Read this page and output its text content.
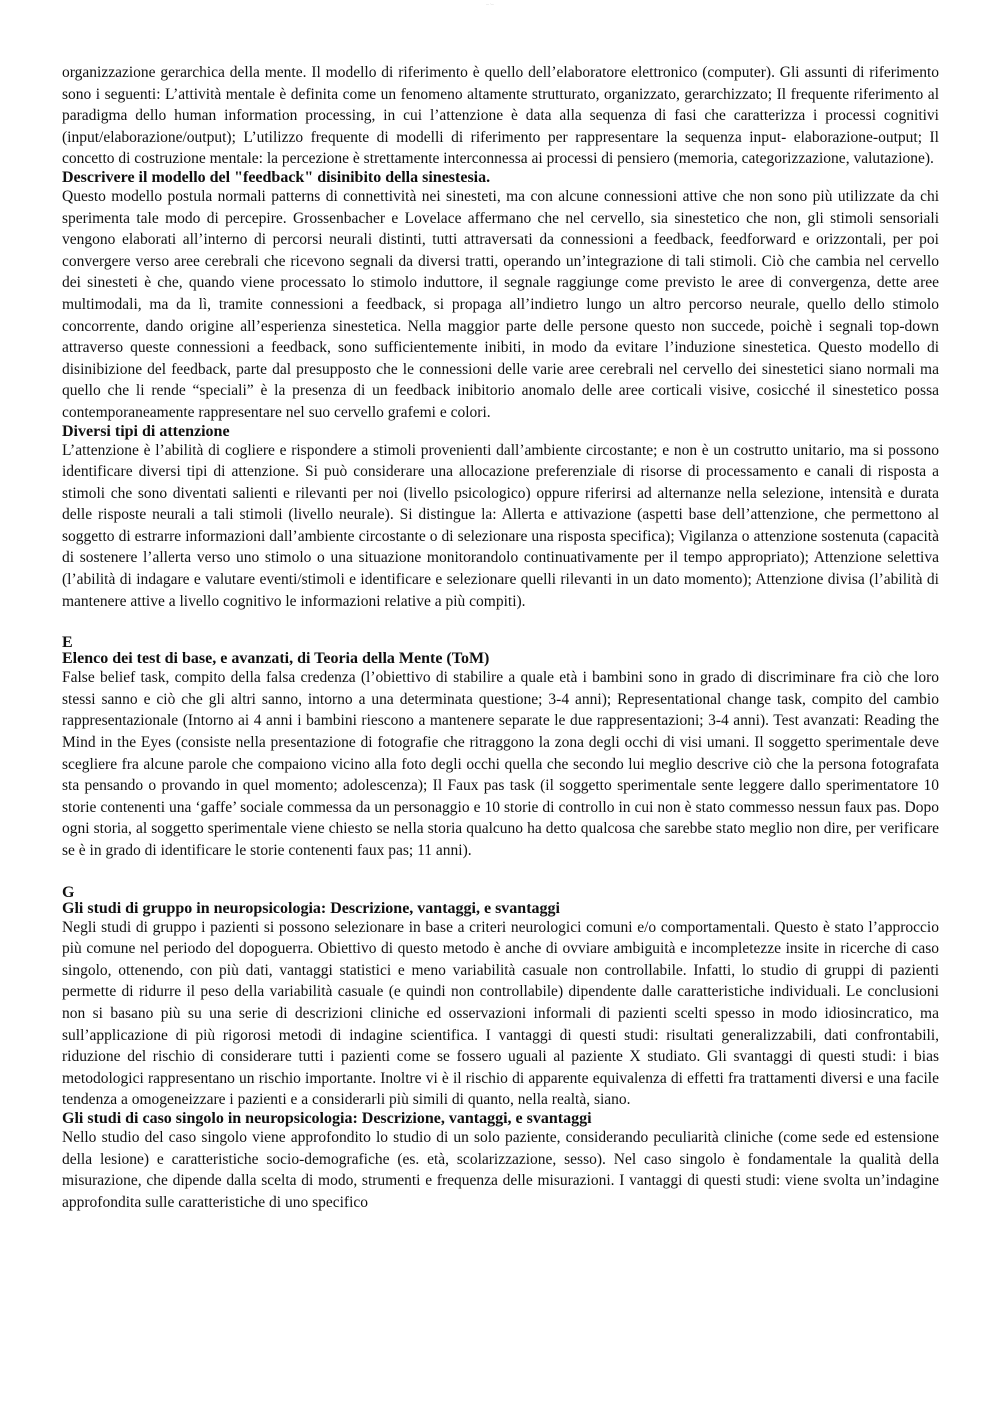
— ·—

organizzazione gerarchica della mente. Il modello di riferimento è quello dell’elaboratore elettronico (computer). Gli assunti di riferimento sono i seguenti: L’attività mentale è definita come un fenomeno altamente strutturato, organizzato, gerarchizzato; Il frequente riferimento al paradigma dello human information processing, in cui l’attenzione è data alla sequenza di fasi che caratterizza i processi cognitivi (input/elaborazione/output); L’utilizzo frequente di modelli di riferimento per rappresentare la sequenza input- elaborazione-output; Il concetto di costruzione mentale: la percezione è strettamente interconnessa ai processi di pensiero (memoria, categorizzazione, valutazione).

Descrivere il modello del "feedback" disinibito della sinestesia.

Questo modello postula normali patterns di connettività nei sinesteti, ma con alcune connessioni attive che non sono più utilizzate da chi sperimenta tale modo di percepire. Grossenbacher e Lovelace affermano che nel cervello, sia sinestetico che non, gli stimoli sensoriali vengono elaborati all’interno di percorsi neurali distinti, tutti attraversati da connessioni a feedback, feedforward e orizzontali, per poi convergere verso aree cerebrali che ricevono segnali da diversi tratti, operando un’integrazione di tali stimoli. Ciò che cambia nel cervello dei sinesteti è che, quando viene processato lo stimolo induttore, il segnale raggiunge come previsto le aree di convergenza, dette aree multimodali, ma da lì, tramite connessioni a feedback, si propaga all’indietro lungo un altro percorso neurale, quello dello stimolo concorrente, dando origine all’esperienza sinestetica. Nella maggior parte delle persone questo non succede, poichè i segnali top-down attraverso queste connessioni a feedback, sono sufficientemente inibiti, in modo da evitare l’induzione sinestetica. Questo modello di disinibizione del feedback, parte dal presupposto che le connessioni delle varie aree cerebrali nel cervello dei sinestetici siano normali ma quello che li rende “speciali” è la presenza di un feedback inibitorio anomalo delle aree corticali visive, cosicché il sinestetico possa contemporaneamente rappresentare nel suo cervello grafemi e colori.

Diversi tipi di attenzione

L’attenzione è l’abilità di cogliere e rispondere a stimoli provenienti dall’ambiente circostante; e non è un costrutto unitario, ma si possono identificare diversi tipi di attenzione. Si può considerare una allocazione preferenziale di risorse di processamento e canali di risposta a stimoli che sono diventati salienti e rilevanti per noi (livello psicologico) oppure riferirsi ad alternanze nella selezione, intensità e durata delle risposte neurali a tali stimoli (livello neurale). Si distingue la: Allerta e attivazione (aspetti base dell’attenzione, che permettono al soggetto di estrarre informazioni dall’ambiente circostante o di selezionare una risposta specifica); Vigilanza o attenzione sostenuta (capacità di sostenere l’allerta verso uno stimolo o una situazione monitorandolo continuativamente per il tempo appropriato); Attenzione selettiva (l’abilità di indagare e valutare eventi/stimoli e identificare e selezionare quelli rilevanti in un dato momento); Attenzione divisa (l’abilità di mantenere attive a livello cognitivo le informazioni relative a più compiti).

E
Elenco dei test di base, e avanzati, di Teoria della Mente (ToM)

False belief task, compito della falsa credenza (l’obiettivo di stabilire a quale età i bambini sono in grado di discriminare fra ciò che loro stessi sanno e ciò che gli altri sanno, intorno a una determinata questione; 3-4 anni); Representational change task, compito del cambio rappresentazionale (Intorno ai 4 anni i bambini riescono a mantenere separate le due rappresentazioni; 3-4 anni). Test avanzati: Reading the Mind in the Eyes (consiste nella presentazione di fotografie che ritraggono la zona degli occhi di visi umani. Il soggetto sperimentale deve scegliere fra alcune parole che compaiono vicino alla foto degli occhi quella che secondo lui meglio descrive ciò che la persona fotografata sta pensando o provando in quel momento; adolescenza); Il Faux pas task (il soggetto sperimentale sente leggere dallo sperimentatore 10 storie contenenti una ‘gaffe’ sociale commessa da un personaggio e 10 storie di controllo in cui non è stato commesso nessun faux pas. Dopo ogni storia, al soggetto sperimentale viene chiesto se nella storia qualcuno ha detto qualcosa che sarebbe stato meglio non dire, per verificare se è in grado di identificare le storie contenenti faux pas; 11 anni).

G
Gli studi di gruppo in neuropsicologia: Descrizione, vantaggi, e svantaggi

Negli studi di gruppo i pazienti si possono selezionare in base a criteri neurologici comuni e/o comportamentali. Questo è stato l’approccio più comune nel periodo del dopoguerra. Obiettivo di questo metodo è anche di ovviare ambiguità e incompletezze insite in ricerche di caso singolo, ottenendo, con più dati, vantaggi statistici e meno variabilità casuale non controllabile. Infatti, lo studio di gruppi di pazienti permette di ridurre il peso della variabilità casuale (e quindi non controllabile) dipendente dalle caratteristiche individuali. Le conclusioni non si basano più su una serie di descrizioni cliniche ed osservazioni informali di pazienti scelti spesso in modo idiosincratico, ma sull’applicazione di più rigorosi metodi di indagine scientifica. I vantaggi di questi studi: risultati generalizzabili, dati confrontabili, riduzione del rischio di considerare tutti i pazienti come se fossero uguali al paziente X studiato. Gli svantaggi di questi studi: i bias metodologici rappresentano un rischio importante. Inoltre vi è il rischio di apparente equivalenza di effetti fra trattamenti diversi e una facile tendenza a omogeneizzare i pazienti e a considerarli più simili di quanto, nella realtà, siano.

Gli studi di caso singolo in neuropsicologia: Descrizione, vantaggi, e svantaggi

Nello studio del caso singolo viene approfondito lo studio di un solo paziente, considerando peculiarità cliniche (come sede ed estensione della lesione) e caratteristiche socio-demografiche (es. età, scolarizzazione, sesso). Nel caso singolo è fondamentale la qualità della misurazione, che dipende dalla scelta di modo, strumenti e frequenza delle misurazioni. I vantaggi di questi studi: viene svolta un’indagine approfondita sulle caratteristiche di uno specifico
